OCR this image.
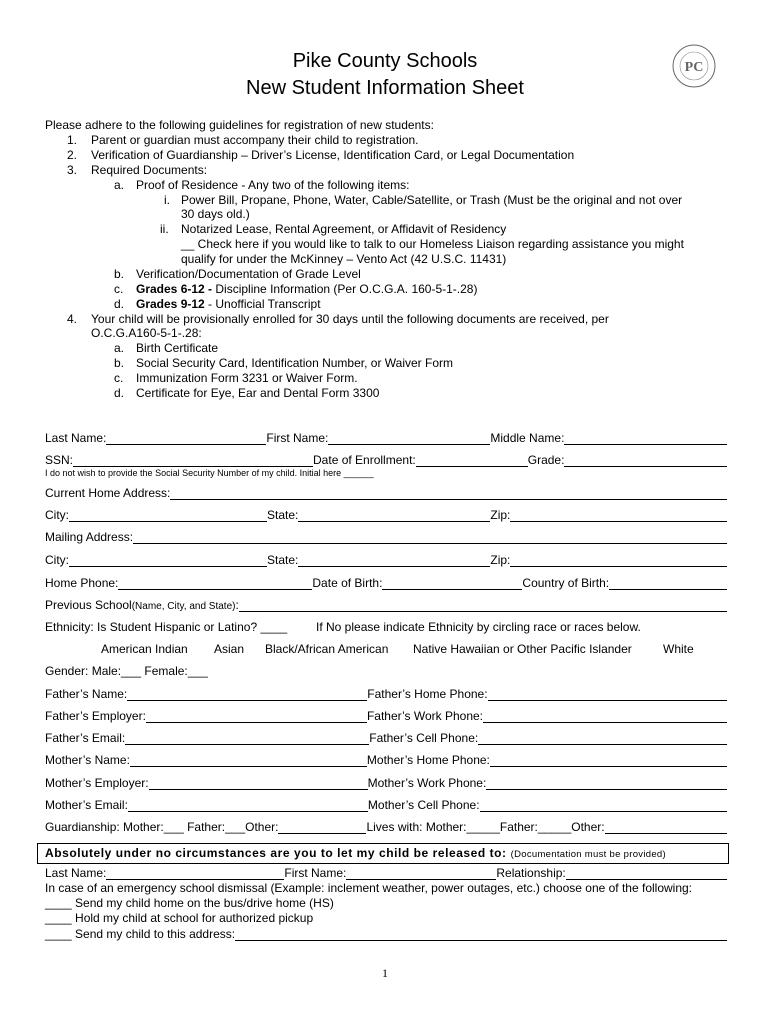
Pike County Schools
New Student Information Sheet
PC
Please adhere to the following guidelines for registration of new students:
1. Parent or guardian must accompany their child to registration.
2. Verification of Guardianship – Driver’s License, Identification Card, or Legal Documentation
3. Required Documents:
a. Proof of Residence - Any two of the following items:
i. Power Bill, Propane, Phone, Water, Cable/Satellite, or Trash (Must be the original and not over
30 days old.)
ii. Notarized Lease, Rental Agreement, or Affidavit of Residency
__ Check here if you would like to talk to our Homeless Liaison regarding assistance you might
qualify for under the McKinney – Vento Act (42 U.S.C. 11431)
b. Verification/Documentation of Grade Level
c. Grades 6-12 - Discipline Information (Per O.C.G.A. 160-5-1-.28)
d. Grades 9-12 - Unofficial Transcript
4. Your child will be provisionally enrolled for 30 days until the following documents are received, per
O.C.G.A160-5-1-.28:
a. Birth Certificate
b. Social Security Card, Identification Number, or Waiver Form
c. Immunization Form 3231 or Waiver Form.
d. Certificate for Eye, Ear and Dental Form 3300
Last Name:	First Name:	Middle Name:
SSN:	Date of Enrollment:	Grade:
I do not wish to provide the Social Security Number of my child. Initial here ______
Current Home Address:
City:	State:	Zip:
Mailing Address:
City:	State:	Zip:
Home Phone:	Date of Birth:	Country of Birth:
Previous School (Name, City, and State) :
Ethnicity: Is Student Hispanic or Latino? ____ If No please indicate Ethnicity by circling race or races below.
American Indian Asian Black/African American Native Hawaiian or Other Pacific Islander	White
Gender: Male:___ Female:___
Father’s Name:	Father’s Home Phone:
Father’s Employer:	Father’s Work Phone:
Father’s Email:	Father’s Cell Phone:
Mother’s Name:	Mother’s Home Phone:
Mother’s Employer:	Mother’s Work Phone:
Mother’s Email:	Mother’s Cell Phone:
Guardianship: Mother:___ Father:___Other:	Lives with: Mother:_____Father:_____Other:
Absolutely under no circumstances are you to let my child be released to: (Documentation must be provided)
Last Name:	First Name:	Relationship:
In case of an emergency school dismissal (Example: inclement weather, power outages, etc.) choose one of the following:
____ Send my child home on the bus/drive home (HS)
____ Hold my child at school for authorized pickup
____ Send my child to this address:
1
